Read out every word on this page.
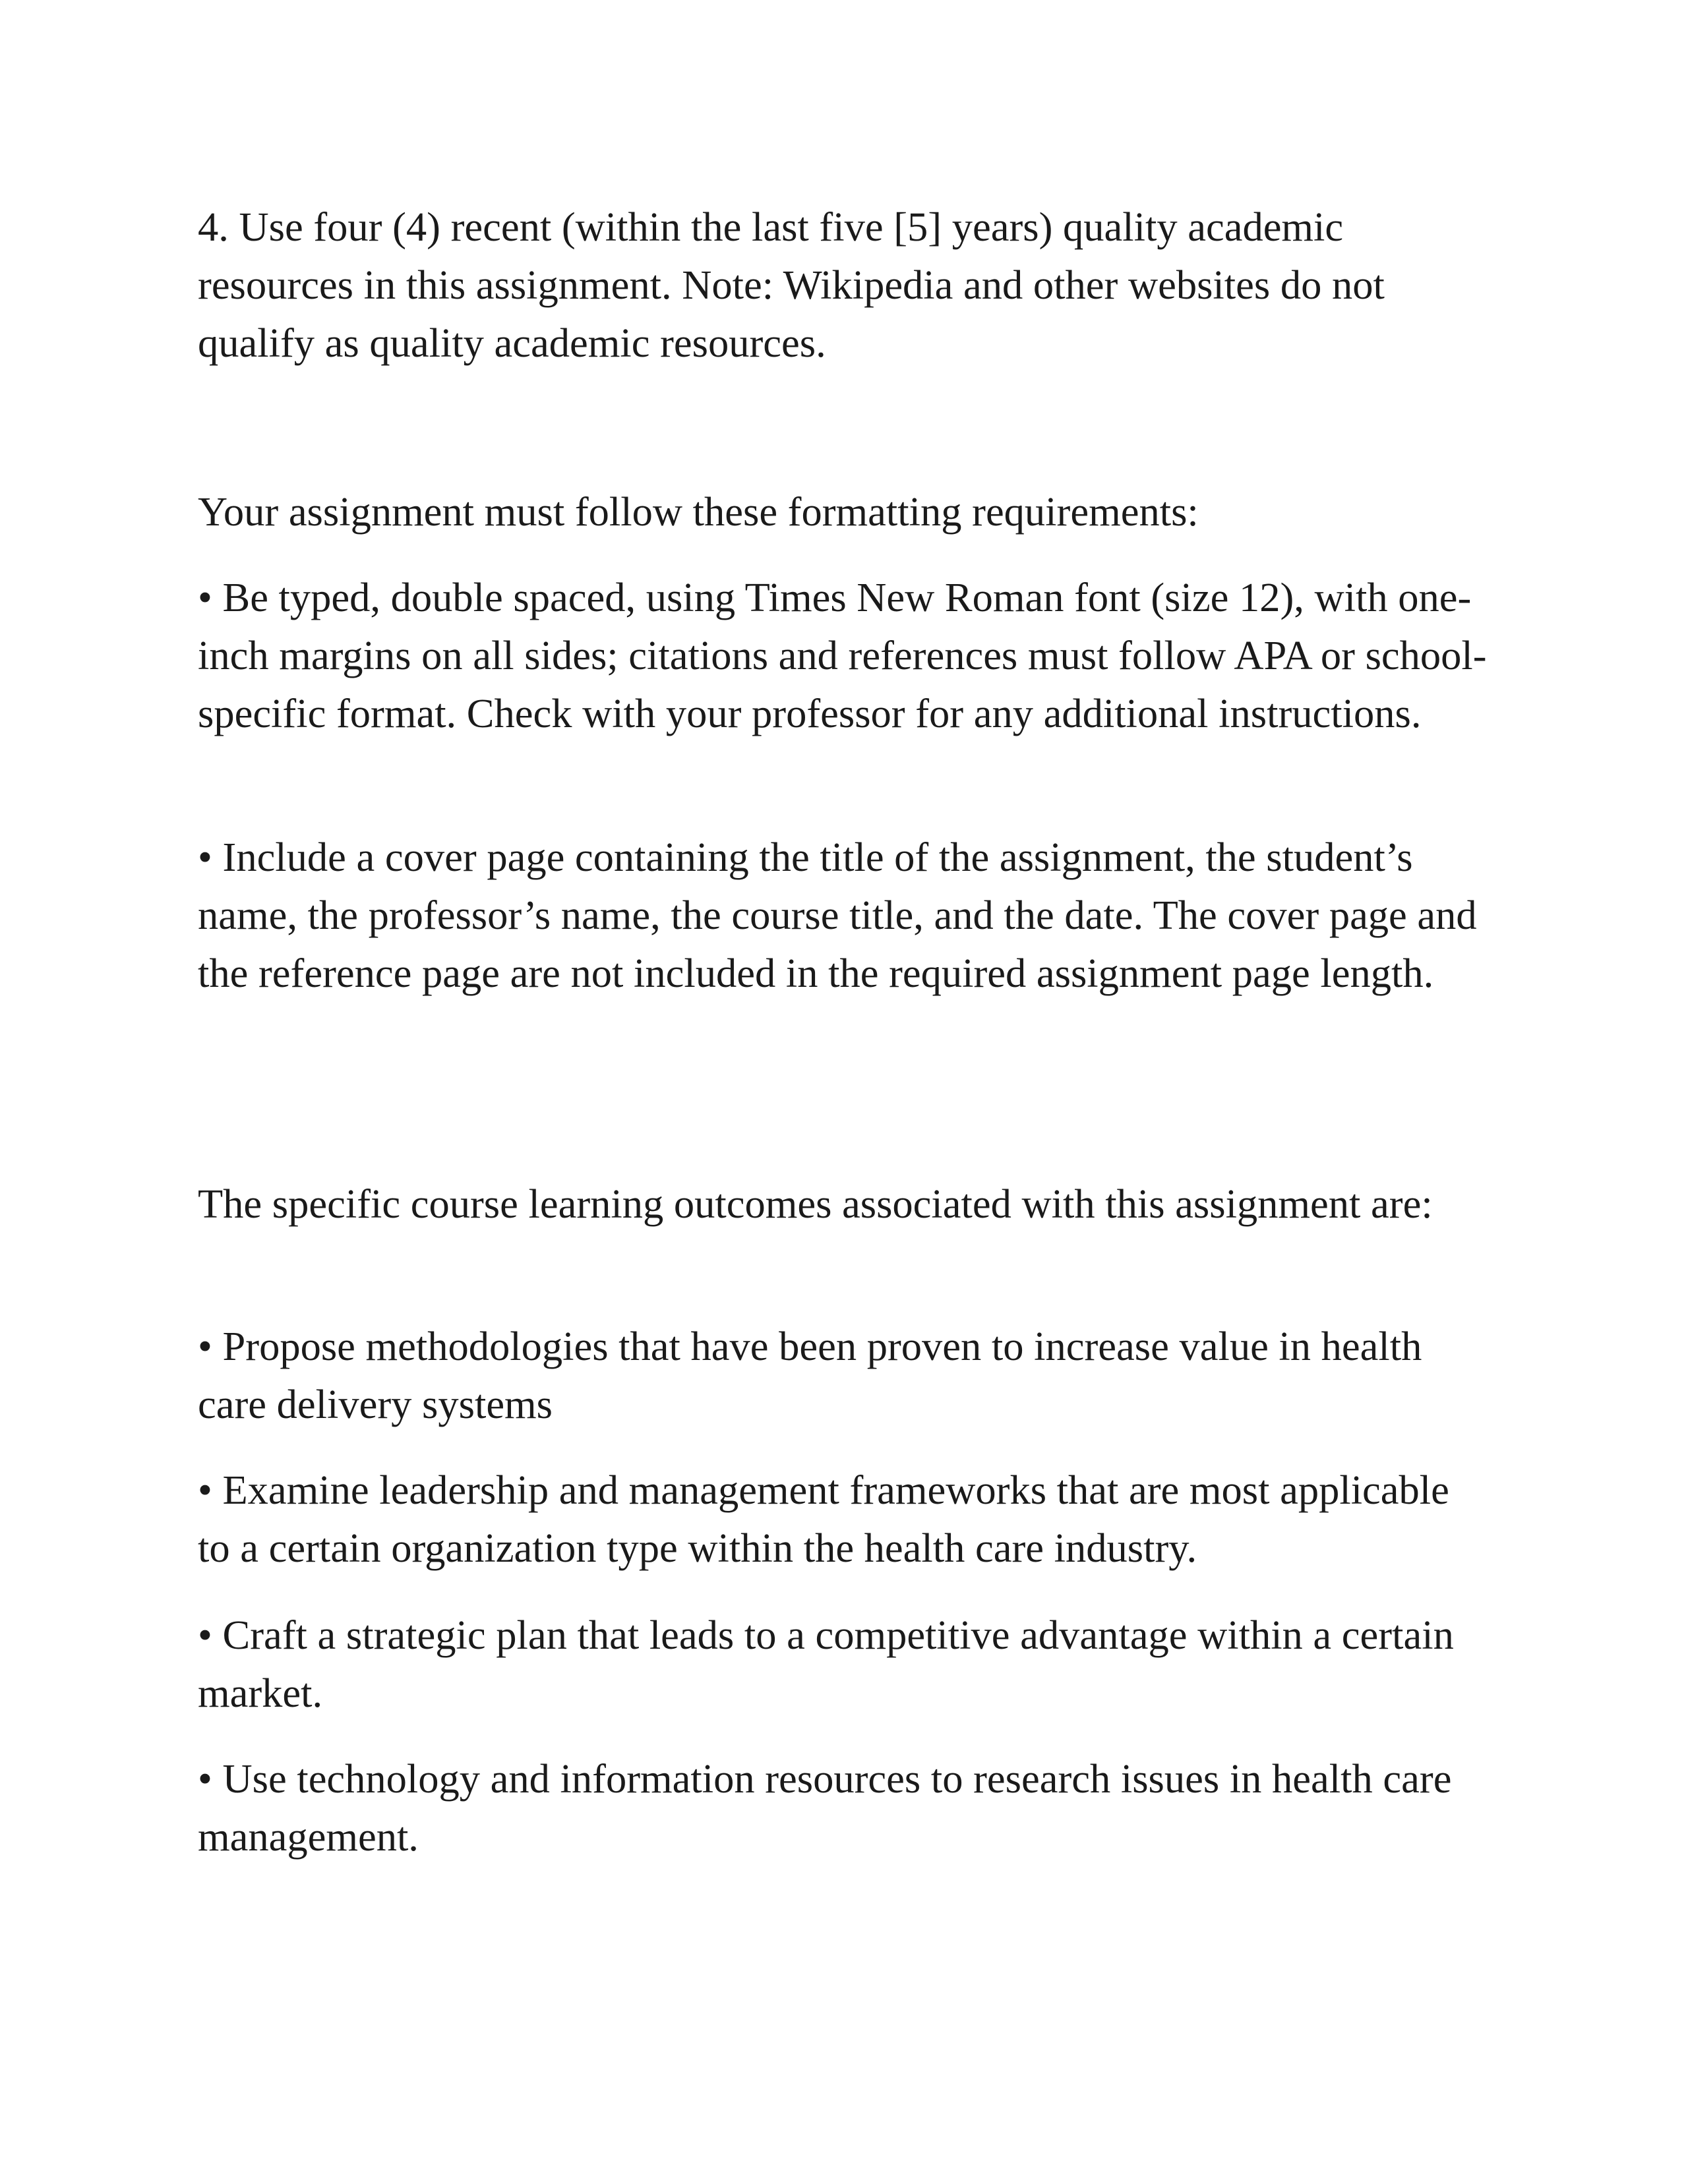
4. Use four (4) recent (within the last five [5] years) quality academic resources in this assignment. Note: Wikipedia and other websites do not qualify as quality academic resources.

Your assignment must follow these formatting requirements:

• Be typed, double spaced, using Times New Roman font (size 12), with one-inch margins on all sides; citations and references must follow APA or school-specific format. Check with your professor for any additional instructions.

• Include a cover page containing the title of the assignment, the student’s name, the professor’s name, the course title, and the date. The cover page and the reference page are not included in the required assignment page length.

The specific course learning outcomes associated with this assignment are:

• Propose methodologies that have been proven to increase value in health care delivery systems

• Examine leadership and management frameworks that are most applicable to a certain organization type within the health care industry.

• Craft a strategic plan that leads to a competitive advantage within a certain market.

• Use technology and information resources to research issues in health care management.
